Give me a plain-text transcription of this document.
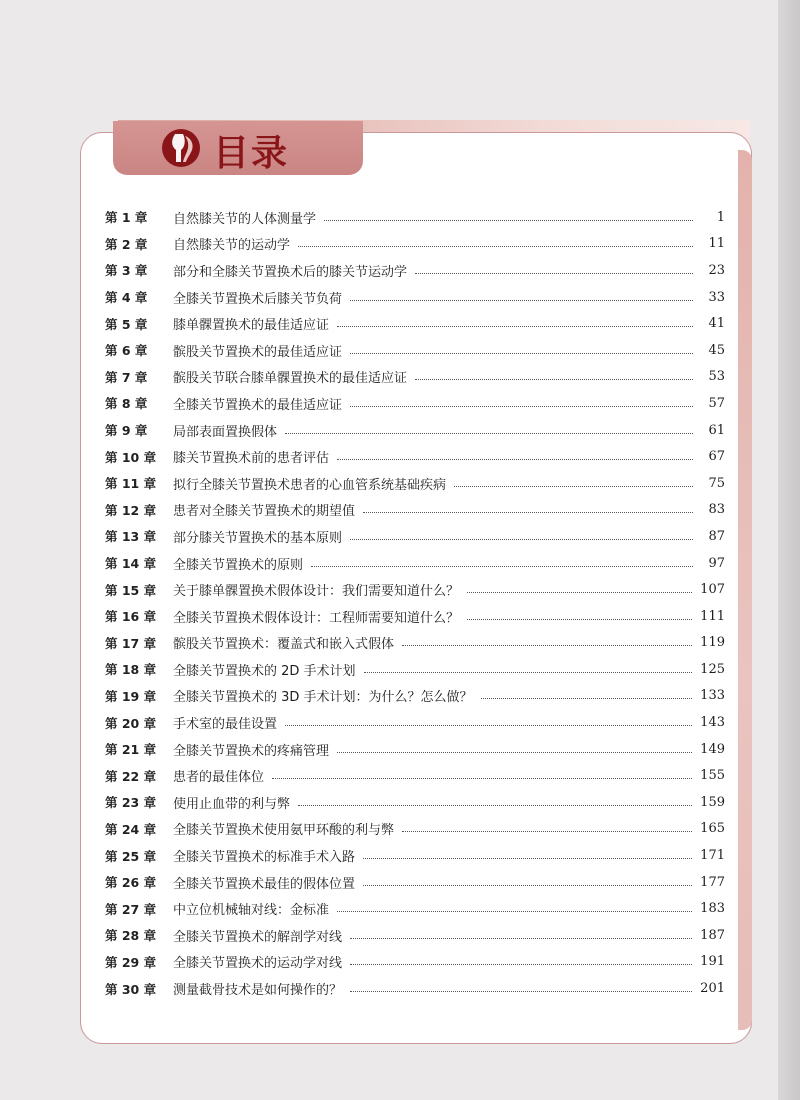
目录
第 1 章	自然膝关节的人体测量学	1
第 2 章	自然膝关节的运动学	11
第 3 章	部分和全膝关节置换术后的膝关节运动学	23
第 4 章	全膝关节置换术后膝关节负荷	33
第 5 章	膝单髁置换术的最佳适应证	41
第 6 章	髌股关节置换术的最佳适应证	45
第 7 章	髌股关节联合膝单髁置换术的最佳适应证	53
第 8 章	全膝关节置换术的最佳适应证	57
第 9 章	局部表面置换假体	61
第 10 章	膝关节置换术前的患者评估	67
第 11 章	拟行全膝关节置换术患者的心血管系统基础疾病	75
第 12 章	患者对全膝关节置换术的期望值	83
第 13 章	部分膝关节置换术的基本原则	87
第 14 章	全膝关节置换术的原则	97
第 15 章	关于膝单髁置换术假体设计：我们需要知道什么？	107
第 16 章	全膝关节置换术假体设计：工程师需要知道什么？	111
第 17 章	髌股关节置换术：覆盖式和嵌入式假体	119
第 18 章	全膝关节置换术的 2D 手术计划	125
第 19 章	全膝关节置换术的 3D 手术计划：为什么？怎么做？	133
第 20 章	手术室的最佳设置	143
第 21 章	全膝关节置换术的疼痛管理	149
第 22 章	患者的最佳体位	155
第 23 章	使用止血带的利与弊	159
第 24 章	全膝关节置换术使用氨甲环酸的利与弊	165
第 25 章	全膝关节置换术的标准手术入路	171
第 26 章	全膝关节置换术最佳的假体位置	177
第 27 章	中立位机械轴对线：金标准	183
第 28 章	全膝关节置换术的解剖学对线	187
第 29 章	全膝关节置换术的运动学对线	191
第 30 章	测量截骨技术是如何操作的？	201
